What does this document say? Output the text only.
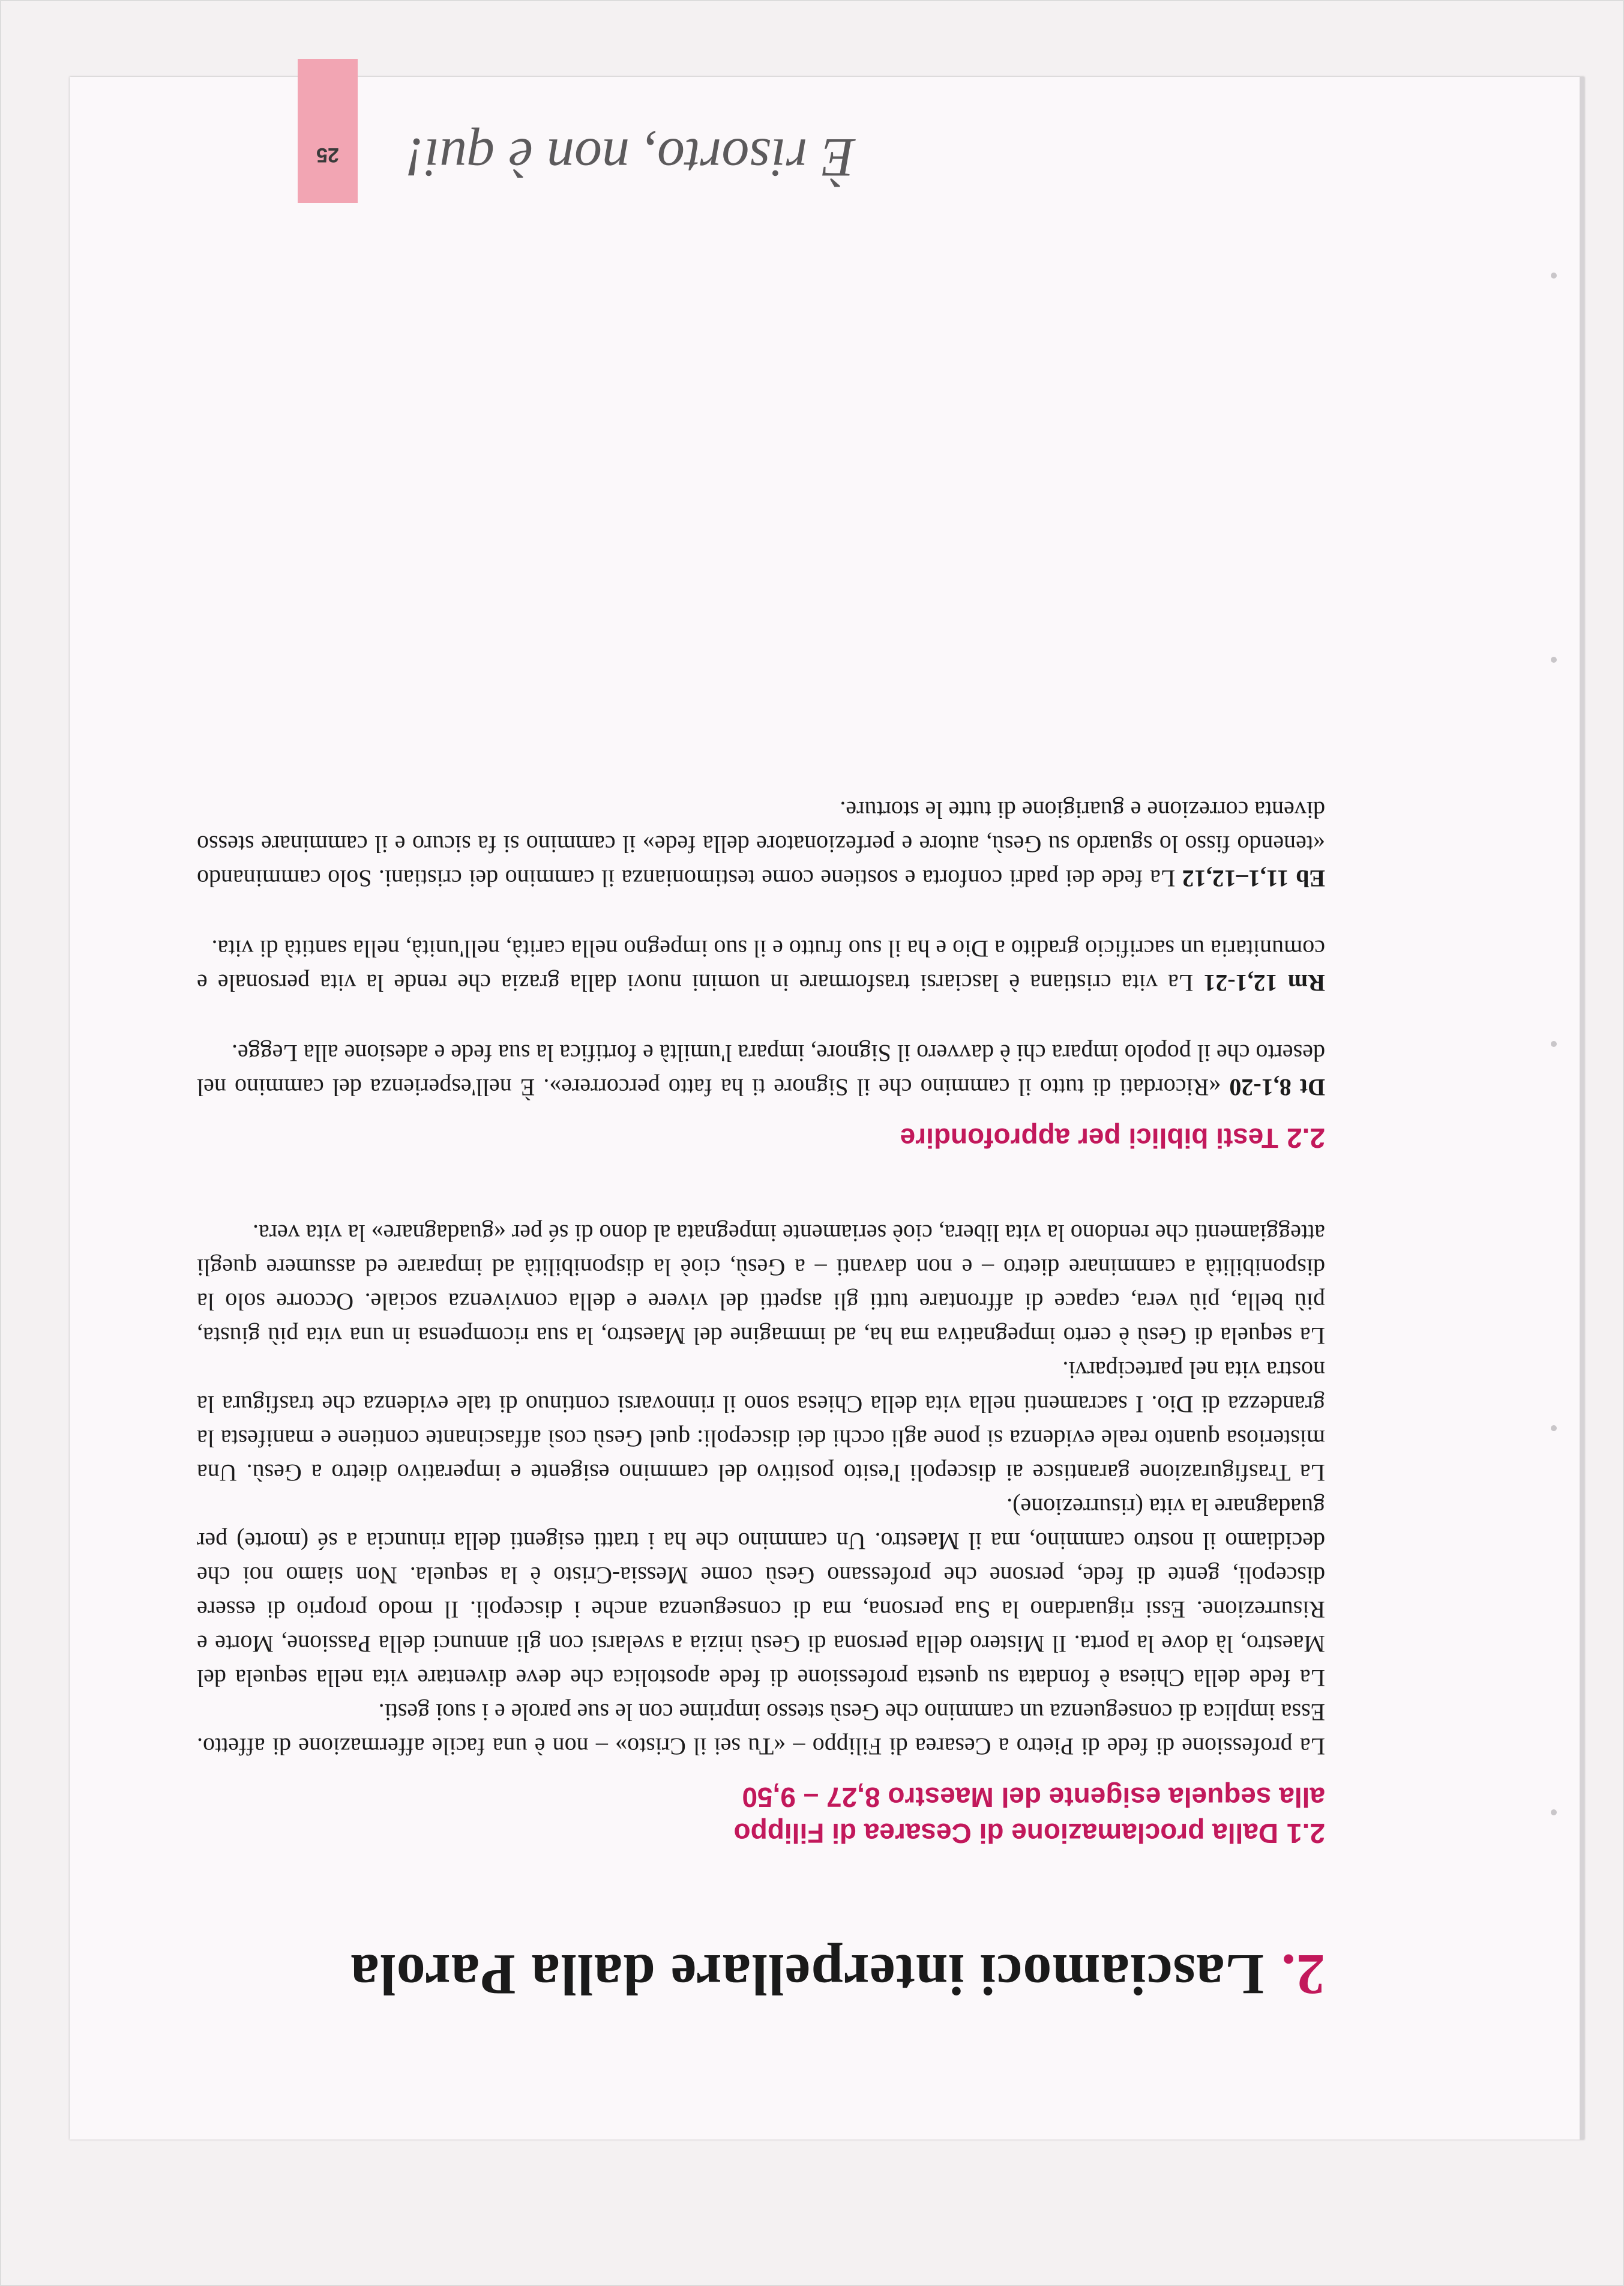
2.Lasciamoci interpellare dalla Parola
2.1Dalla proclamazione di Cesarea di Filippo
alla sequela esigente del Maestro 8,27 – 9,50

La professione di fede di Pietro a Cesarea di Filippo – «Tu sei il Cristo» – non è una facile affermazione di affetto. Essa implica di conseguenza un cammino che Gesù stesso imprime con le sue parole e i suoi gesti.

La fede della Chiesa è fondata su questa professione di fede apostolica che deve diventare vita nella sequela del Maestro, là dove la porta. Il Mistero della persona di Gesù inizia a svelarsi con gli annunci della Passione, Morte e Risurrezione. Essi riguardano la Sua persona, ma di conseguenza anche i discepoli. Il modo proprio di essere discepoli, gente di fede, persone che professano Gesù come Messia-Cristo è la sequela. Non siamo noi che decidiamo il nostro cammino, ma il Maestro. Un cammino che ha i tratti esigenti della rinuncia a sé (morte) per guadagnare la vita (risurrezione).

La Trasfigurazione garantisce ai discepoli l'esito positivo del cammino esigente e imperativo dietro a Gesù. Una misteriosa quanto reale evidenza si pone agli occhi dei discepoli: quel Gesù così affascinante contiene e manifesta la grandezza di Dio. I sacramenti nella vita della Chiesa sono il rinnovarsi continuo di tale evidenza che trasfigura la nostra vita nel parteciparvi.

La sequela di Gesù è certo impegnativa ma ha, ad immagine del Maestro, la sua ricompensa in una vita più giusta, più bella, più vera, capace di affrontare tutti gli aspetti del vivere e della convivenza sociale. Occorre solo la disponibilità a camminare dietro – e non davanti – a Gesù, cioè la disponibilità ad imparare ed assumere quegli atteggiamenti che rendono la vita libera, cioè seriamente impegnata al dono di sé per «guadagnare» la vita vera.

2.2Testi biblici per approfondire

Dt 8,1-20 «Ricordati di tutto il cammino che il Signore ti ha fatto percorrere». È nell'esperienza del cammino nel deserto che il popolo impara chi è davvero il Signore, impara l'umiltà e fortifica la sua fede e adesione alla Legge.

Rm 12,1-21 La vita cristiana è lasciarsi trasformare in uomini nuovi dalla grazia che rende la vita personale e comunitaria un sacrificio gradito a Dio e ha il suo frutto e il suo impegno nella carità, nell'unità, nella santità di vita.

Eb 11,1–12,12 La fede dei padri conforta e sostiene come testimonianza il cammino dei cristiani. Solo camminando «tenendo fisso lo sguardo su Gesù, autore e perfezionatore della fede» il cammino si fa sicuro e il camminare stesso diventa correzione e guarigione di tutte le storture.

È risorto, non è qui!
25
